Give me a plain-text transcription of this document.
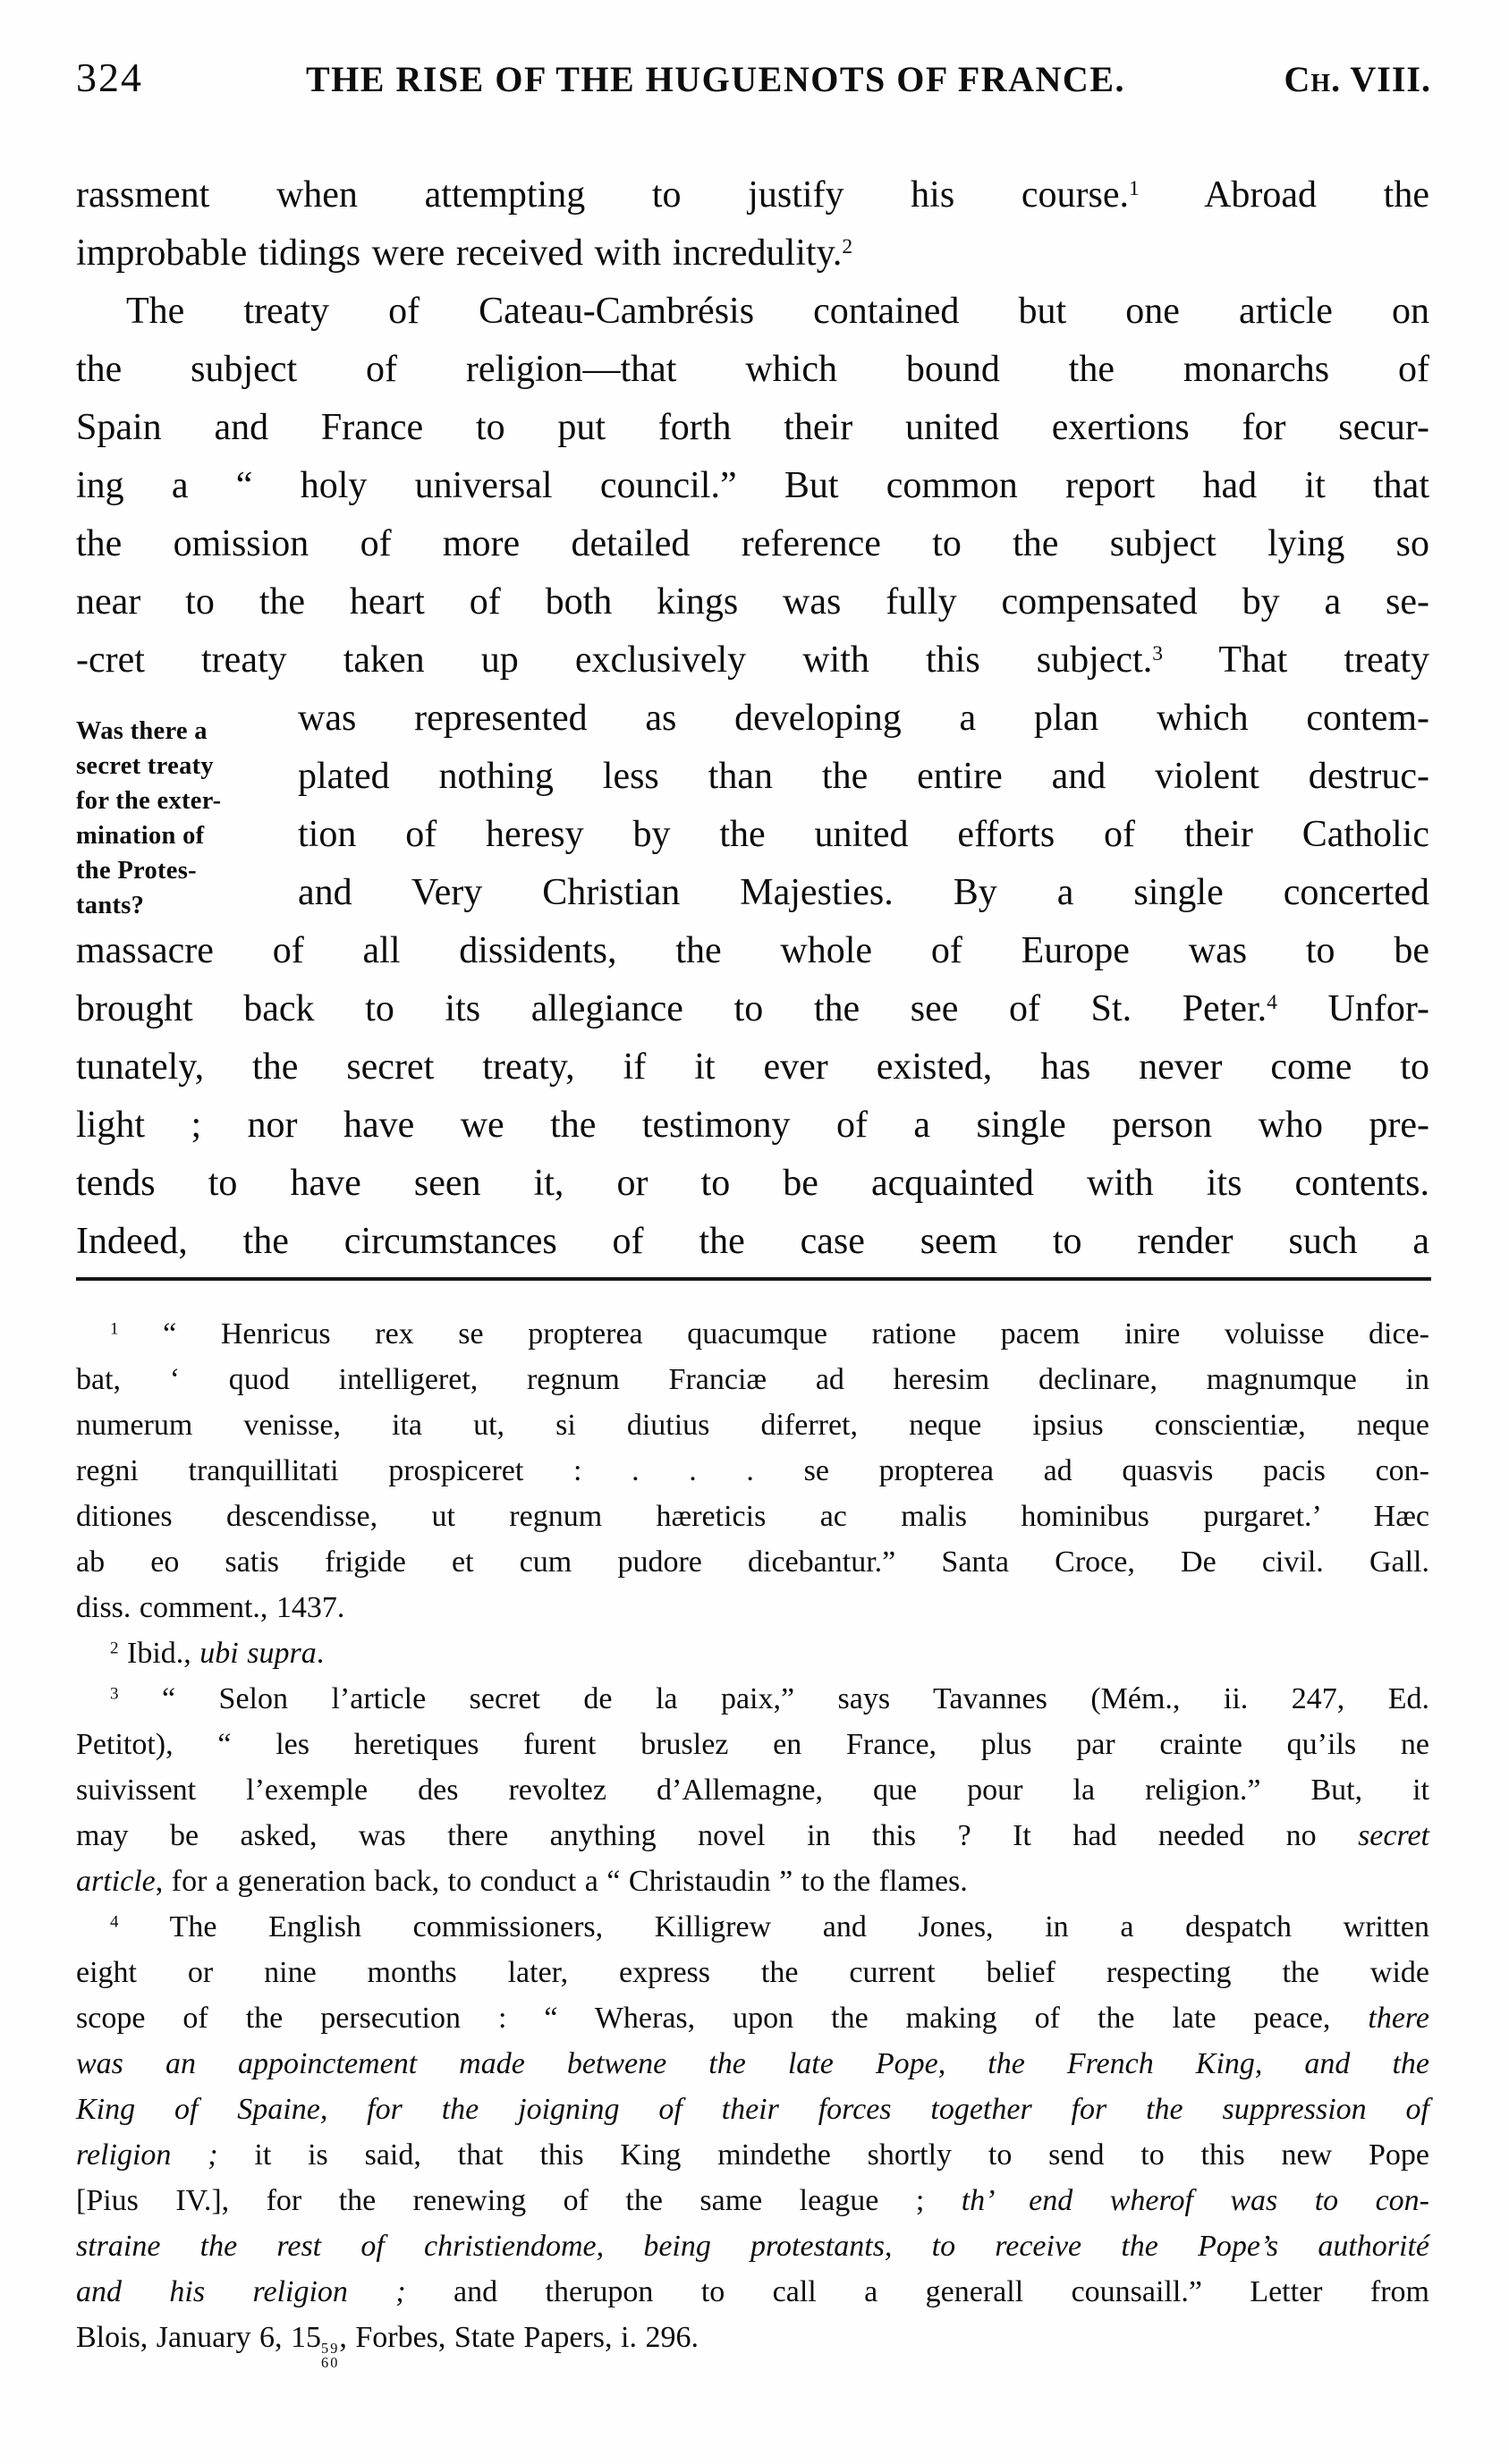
324	THE RISE OF THE HUGUENOTS OF FRANCE.	Ch. VIII.
rassment when attempting to justify his course.$^1$ Abroad the
improbable tidings were received with incredulity.$^2$
The treaty of Cateau-Cambrésis contained but one article on
the subject of religion—that which bound the monarchs of
Spain and France to put forth their united exertions for secur-
ing a “ holy universal council.” But common report had it that
the omission of more detailed reference to the subject lying so
near to the heart of both kings was fully compensated by a se-
-cret treaty taken up exclusively with this subject.$^3$ That treaty
was represented as developing a plan which contem-
plated nothing less than the entire and violent destruc-
tion of heresy by the united efforts of their Catholic
and Very Christian Majesties. By a single concerted
massacre of all dissidents, the whole of Europe was to be
brought back to its allegiance to the see of St. Peter.$^4$ Unfor-
tunately, the secret treaty, if it ever existed, has never come to
light ; nor have we the testimony of a single person who pre-
tends to have seen it, or to be acquainted with its contents.
Indeed, the circumstances of the case seem to render such a
Was there a
secret treaty
for the exter-
mination of
the Protes-
tants?
$^1$ “ Henricus rex se propterea quacumque ratione pacem inire voluisse dice-
bat, ‘ quod intelligeret, regnum Franciæ ad heresim declinare, magnumque in
numerum venisse, ita ut, si diutius diferret, neque ipsius conscientiæ, neque
regni tranquillitati prospiceret : . . . se propterea ad quasvis pacis con-
ditiones descendisse, ut regnum hæreticis ac malis hominibus purgaret.’ Hæc
ab eo satis frigide et cum pudore dicebantur.” Santa Croce, De civil. Gall.
diss. comment., 1437.
$^2$ Ibid., ubi supra.
$^3$ “ Selon l’article secret de la paix,” says Tavannes (Mém., ii. 247, Ed.
Petitot), “ les heretiques furent bruslez en France, plus par crainte qu’ils ne
suivissent l’exemple des revoltez d’Allemagne, que pour la religion.” But, it
may be asked, was there anything novel in this ? It had needed no secret
article, for a generation back, to conduct a “ Christaudin ” to the flames.
$^4$ The English commissioners, Killigrew and Jones, in a despatch written
eight or nine months later, express the current belief respecting the wide
scope of the persecution : “ Wheras, upon the making of the late peace, there
was an appoinctement made betwene the late Pope, the French King, and the
King of Spaine, for the joigning of their forces together for the suppression of
religion ; it is said, that this King mindethe shortly to send to this new Pope
[Pius IV.], for the renewing of the same league ; th’ end wherof was to con-
straine the rest of christiendome, being protestants, to receive the Pope’s authorité
and his religion ; and therupon to call a generall counsaill.” Letter from
Blois, January 6, 15 59
60
, Forbes, State Papers, i. 296.
